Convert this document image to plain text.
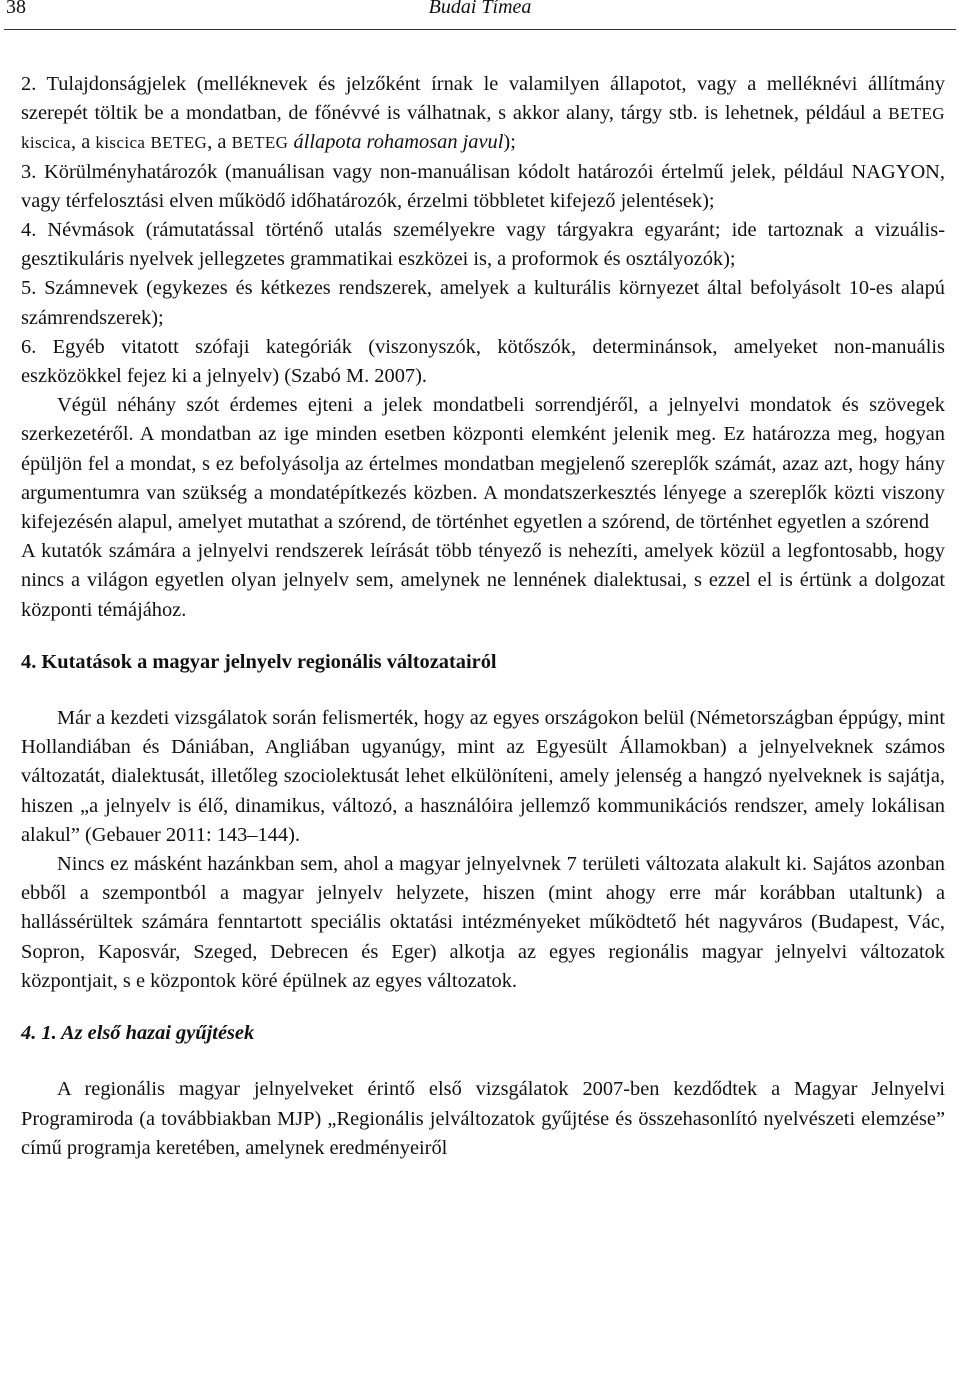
38	Budai Tímea

2. Tulajdonságjelek (melléknevek és jelzőként írnak le valamilyen állapotot, vagy a melléknévi állítmány szerepét töltik be a mondatban, de főnévvé is válhatnak, s akkor alany, tárgy stb. is lehetnek, például a BETEG kiscica, a kiscica BETEG, a BETEG állapota rohamosan javul);

3. Körülményhatározók (manuálisan vagy non-manuálisan kódolt határozói értelmű jelek, például NAGYON, vagy térfelosztási elven működő időhatározók, érzelmi többletet kifejező jelentések);

4. Névmások (rámutatással történő utalás személyekre vagy tárgyakra egyaránt; ide tartoznak a vizuális-gesztikuláris nyelvek jellegzetes grammatikai eszközei is, a proformok és osztályozók);

5. Számnevek (egykezes és kétkezes rendszerek, amelyek a kulturális környezet által befolyásolt 10-es alapú számrendszerek);

6. Egyéb vitatott szófaji kategóriák (viszonyszók, kötőszók, determinánsok, amelyeket non-manuális eszközökkel fejez ki a jelnyelv) (Szabó M. 2007).

Végül néhány szót érdemes ejteni a jelek mondatbeli sorrendjéről, a jelnyelvi mondatok és szövegek szerkezetéről. A mondatban az ige minden esetben központi elemként jelenik meg. Ez határozza meg, hogyan épüljön fel a mondat, s ez befolyásolja az értelmes mondatban megjelenő szereplők számát, azaz azt, hogy hány argumentumra van szükség a mondatépítkezés közben. A mondatszerkesztés lényege a szereplők közti viszony kifejezésén alapul, amelyet mutathat a szórend, de történhet egyetlen a szórend, de történhet egyetlen a szórend

A kutatók számára a jelnyelvi rendszerek leírását több tényező is nehezíti, amelyek közül a legfontosabb, hogy nincs a világon egyetlen olyan jelnyelv sem, amelynek ne lennének dialektusai, s ezzel el is értünk a dolgozat központi témájához.

4. Kutatások a magyar jelnyelv regionális változatairól

Már a kezdeti vizsgálatok során felismerték, hogy az egyes országokon belül (Németországban éppúgy, mint Hollandiában és Dániában, Angliában ugyanúgy, mint az Egyesült Államokban) a jelnyelveknek számos változatát, dialektusát, illetőleg szociolektusát lehet elkülöníteni, amely jelenség a hangzó nyelveknek is sajátja, hiszen „a jelnyelv is élő, dinamikus, változó, a használóira jellemző kommunikációs rendszer, amely lokálisan alakul” (Gebauer 2011: 143–144).

Nincs ez másként hazánkban sem, ahol a magyar jelnyelvnek 7 területi változata alakult ki. Sajátos azonban ebből a szempontból a magyar jelnyelv helyzete, hiszen (mint ahogy erre már korábban utaltunk) a hallássérültek számára fenntartott speciális oktatási intézményeket működtető hét nagyváros (Budapest, Vác, Sopron, Kaposvár, Szeged, Debrecen és Eger) alkotja az egyes regionális magyar jelnyelvi változatok központjait, s e központok köré épülnek az egyes változatok.

4. 1. Az első hazai gyűjtések

A regionális magyar jelnyelveket érintő első vizsgálatok 2007-ben kezdődtek a Magyar Jelnyelvi Programiroda (a továbbiakban MJP) „Regionális jelváltozatok gyűjtése és összehasonlító nyelvészeti elemzése” című programja keretében, amelynek eredményeiről
